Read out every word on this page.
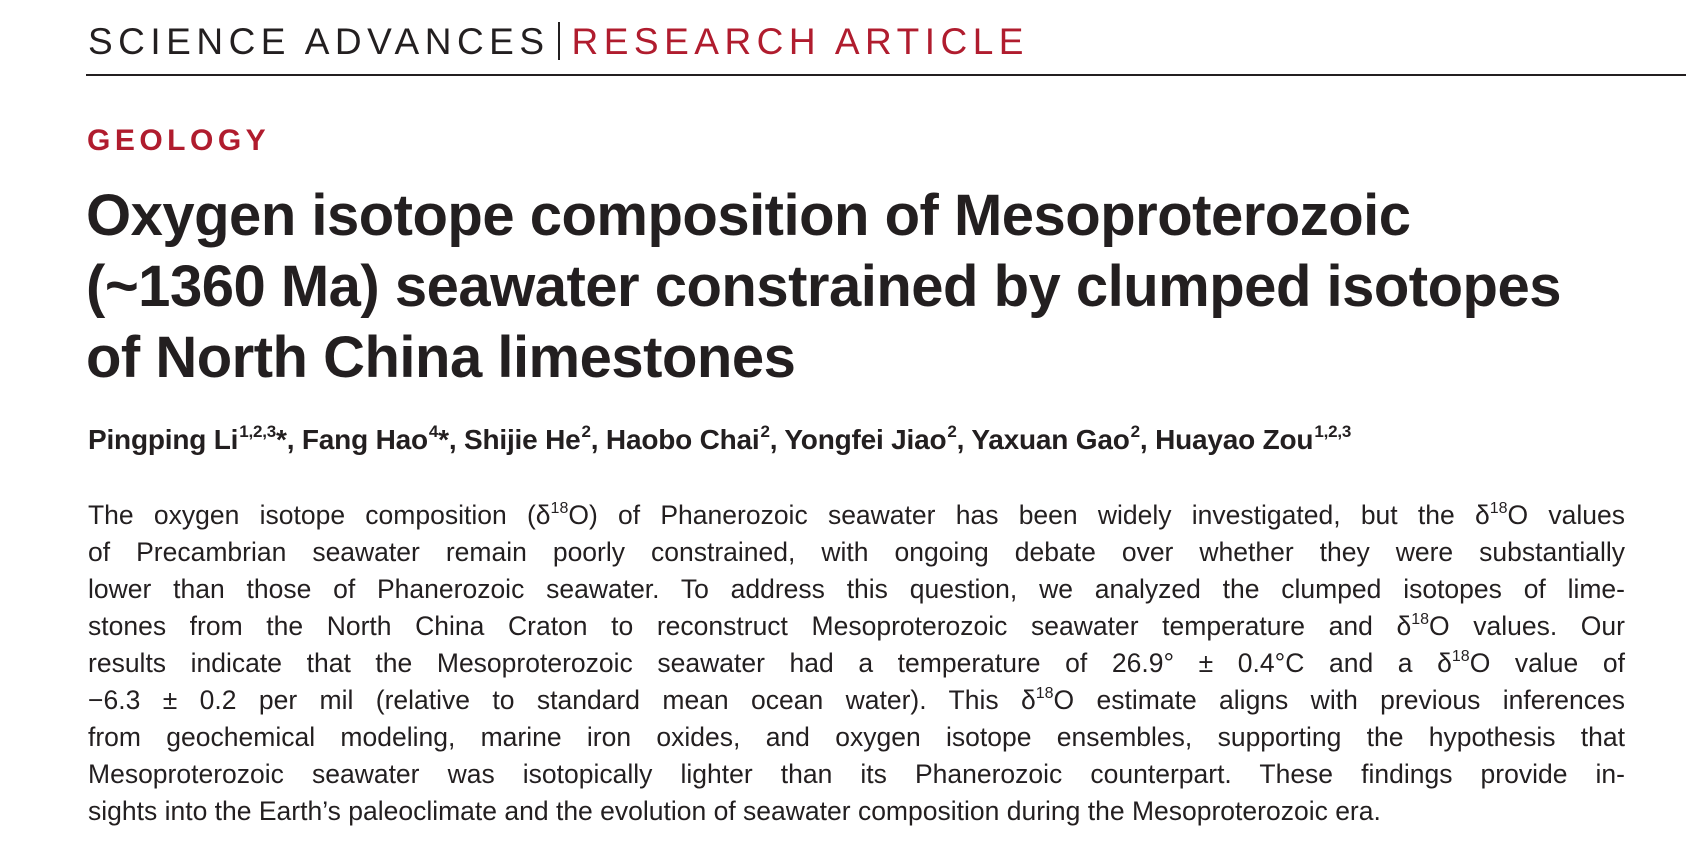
SCIENCE ADVANCES RESEARCH ARTICLE
GEOLOGY
Oxygen isotope composition of Mesoproterozoic
(~1360 Ma) seawater constrained by clumped isotopes
of North China limestones
Pingping Li$^{1,2,3}$*, Fang Hao$^4$*, Shijie He$^2$, Haobo Chai$^2$, Yongfei Jiao$^2$, Yaxuan Gao$^2$, Huayao Zou$^{1,2,3}$
The oxygen isotope composition $(\delta^{18}O)$ of Phanerozoic seawater has been widely investigated, but the $\delta^{18}O$ values
of Precambrian seawater remain poorly constrained, with ongoing debate over whether they were substantially
lower than those of Phanerozoic seawater. To address this question, we analyzed the clumped isotopes of lime-
stones from the North China Craton to reconstruct Mesoproterozoic seawater temperature and $\delta^{18}O$ values. Our
results indicate that the Mesoproterozoic seawater had a temperature of 26.9° ± 0.4°C and a $\delta^{18}O$ value of
−6.3 ± 0.2 per mil (relative to standard mean ocean water). This $\delta^{18}O$ estimate aligns with previous inferences
from geochemical modeling, marine iron oxides, and oxygen isotope ensembles, supporting the hypothesis that
Mesoproterozoic seawater was isotopically lighter than its Phanerozoic counterpart. These findings provide in-
sights into the Earth’s paleoclimate and the evolution of seawater composition during the Mesoproterozoic era.
